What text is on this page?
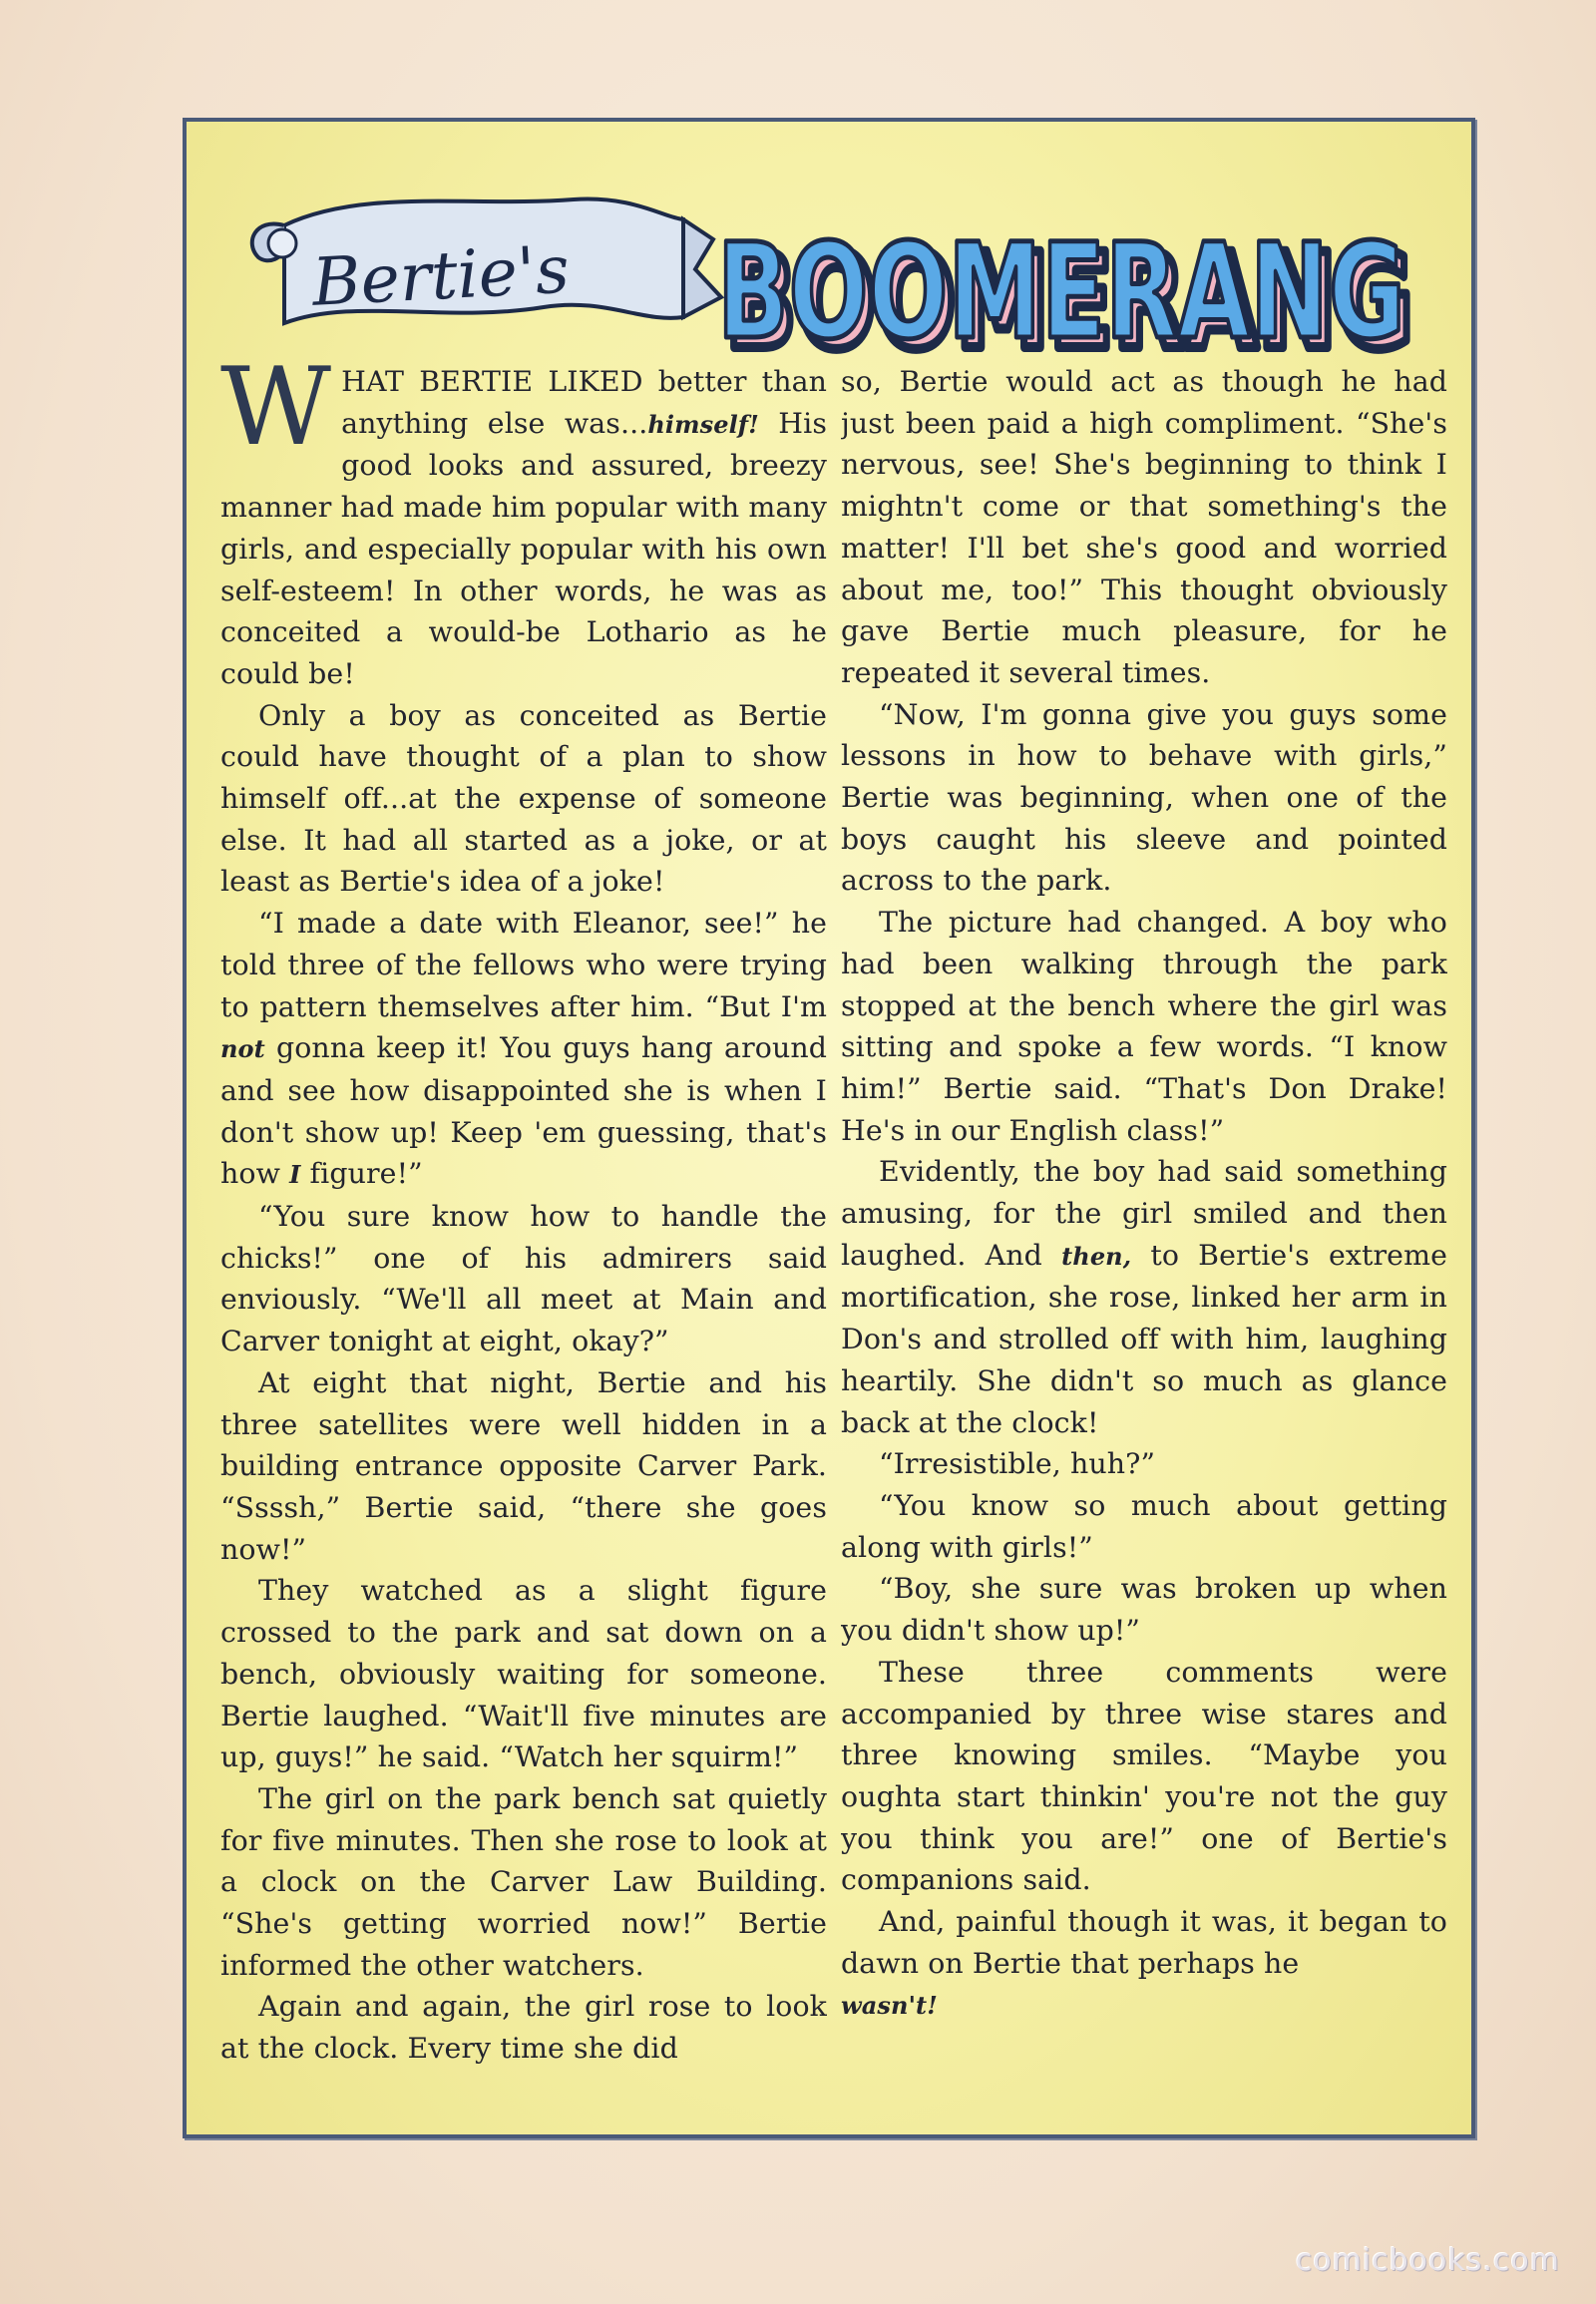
Bertie's BOOMERANG
BOOMERANG

WHAT BERTIE LIKED better than anything else was...himself! His good looks and assured, breezy manner had made him popular with many girls, and especially popular with his own self-esteem! In other words, he was as conceited a would-be Lothario as he could be!

Only a boy as conceited as Bertie could have thought of a plan to show himself off...at the expense of someone else. It had all started as a joke, or at least as Bertie's idea of a joke!

“I made a date with Eleanor, see!” he told three of the fellows who were trying to pattern themselves after him. “But I'm not gonna keep it! You guys hang around and see how disappointed she is when I don't show up! Keep 'em guessing, that's how I figure!”

“You sure know how to handle the chicks!” one of his admirers said enviously. “We'll all meet at Main and Carver tonight at eight, okay?”

At eight that night, Bertie and his three satellites were well hidden in a building entrance opposite Carver Park. “Ssssh,” Bertie said, “there she goes now!”

They watched as a slight figure crossed to the park and sat down on a bench, obviously waiting for someone. Bertie laughed. “Wait'll five minutes are up, guys!” he said. “Watch her squirm!”

The girl on the park bench sat quietly for five minutes. Then she rose to look at a clock on the Carver Law Building. “She's getting worried now!” Bertie informed the other watchers.

Again and again, the girl rose to look at the clock. Every time she did

so, Bertie would act as though he had just been paid a high compliment. “She's nervous, see! She's beginning to think I mightn't come or that something's the matter! I'll bet she's good and worried about me, too!” This thought obviously gave Bertie much pleasure, for he repeated it several times.

“Now, I'm gonna give you guys some lessons in how to behave with girls,” Bertie was beginning, when one of the boys caught his sleeve and pointed across to the park.

The picture had changed. A boy who had been walking through the park stopped at the bench where the girl was sitting and spoke a few words. “I know him!” Bertie said. “That's Don Drake! He's in our English class!”

Evidently, the boy had said something amusing, for the girl smiled and then laughed. And then, to Bertie's extreme mortification, she rose, linked her arm in Don's and strolled off with him, laughing heartily. She didn't so much as glance back at the clock!

“Irresistible, huh?”

“You know so much about getting along with girls!”

“Boy, she sure was broken up when you didn't show up!”

These three comments were accompanied by three wise stares and three knowing smiles. “Maybe you oughta start thinkin' you're not the guy you think you are!” one of Bertie's companions said.

And, painful though it was, it began to dawn on Bertie that perhaps he
wasn't!

comicbooks.com
